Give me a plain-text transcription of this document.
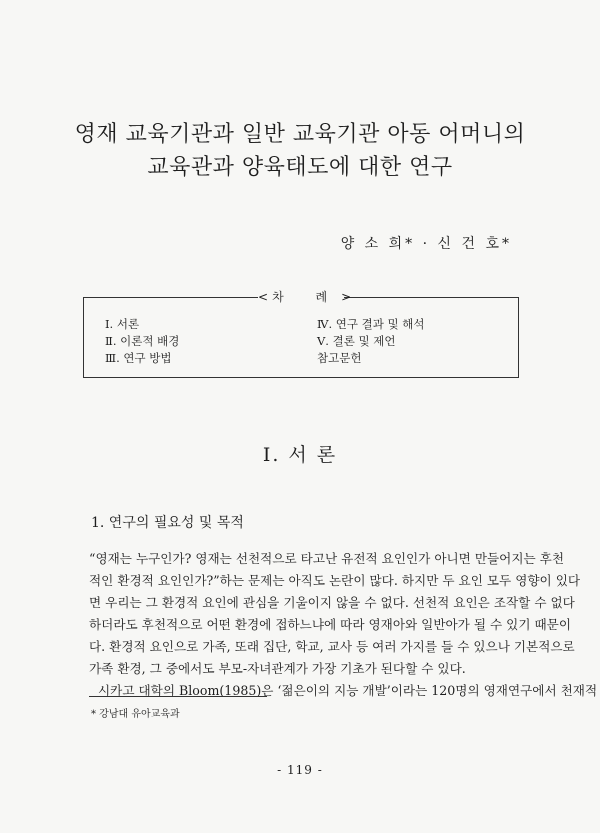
영재 교육기관과 일반 교육기관 아동 어머니의
교육관과 양육태도에 대한 연구
양 소 희* · 신 건 호*
< 차 례>
Ⅰ. 서론
Ⅱ. 이론적 배경
Ⅲ. 연구 방법
Ⅳ. 연구 결과 및 해석
Ⅴ. 결론 및 제언
참고문헌
Ⅰ. 서 론
1. 연구의 필요성 및 목적
“영재는 누구인가? 영재는 선천적으로 타고난 유전적 요인인가 아니면 만들어지는 후천
적인 환경적 요인인가?”하는 문제는 아직도 논란이 많다. 하지만 두 요인 모두 영향이 있다
면 우리는 그 환경적 요인에 관심을 기울이지 않을 수 없다. 선천적 요인은 조작할 수 없다
하더라도 후천적으로 어떤 환경에 접하느냐에 따라 영재아와 일반아가 될 수 있기 때문이
다. 환경적 요인으로 가족, 또래 집단, 학교, 교사 등 여러 가지를 들 수 있으나 기본적으로
가족 환경, 그 중에서도 부모-자녀관계가 가장 기초가 된다할 수 있다.
시카고 대학의 Bloom(1985)은 ‘젊은이의 지능 개발’이라는 120명의 영재연구에서 천재적
* 강남대 유아교육과
- 119 -
